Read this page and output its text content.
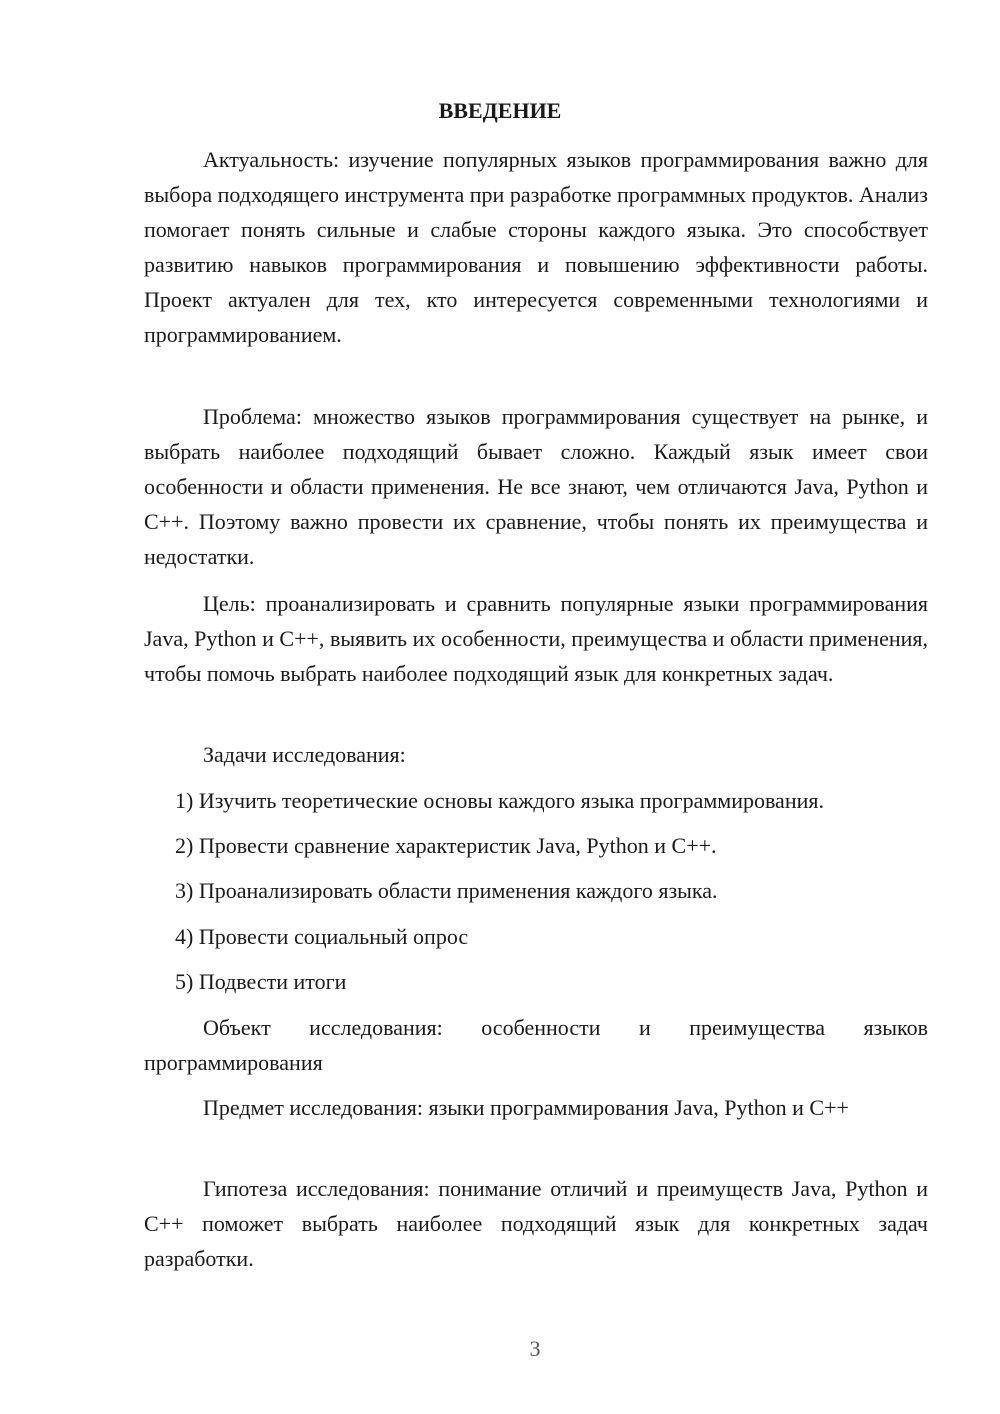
ВВЕДЕНИЕ
Актуальность: изучение популярных языков программирования важно для выбора подходящего инструмента при разработке программных продуктов. Анализ помогает понять сильные и слабые стороны каждого языка. Это способствует развитию навыков программирования и повышению эффективности работы. Проект актуален для тех, кто интересуется современными технологиями и программированием.
Проблема: множество языков программирования существует на рынке, и выбрать наиболее подходящий бывает сложно. Каждый язык имеет свои особенности и области применения. Не все знают, чем отличаются Java, Python и C++. Поэтому важно провести их сравнение, чтобы понять их преимущества и недостатки.
Цель: проанализировать и сравнить популярные языки программирования Java, Python и C++, выявить их особенности, преимущества и области применения, чтобы помочь выбрать наиболее подходящий язык для конкретных задач.
Задачи исследования:
1) Изучить теоретические основы каждого языка программирования.
2) Провести сравнение характеристик Java, Python и C++.
3) Проанализировать области применения каждого языка.
4) Провести социальный опрос
5) Подвести итоги
Объект исследования: особенности и преимущества языков программирования
Предмет исследования: языки программирования Java, Python и C++
Гипотеза исследования: понимание отличий и преимуществ Java, Python и C++ поможет выбрать наиболее подходящий язык для конкретных задач разработки.
3
